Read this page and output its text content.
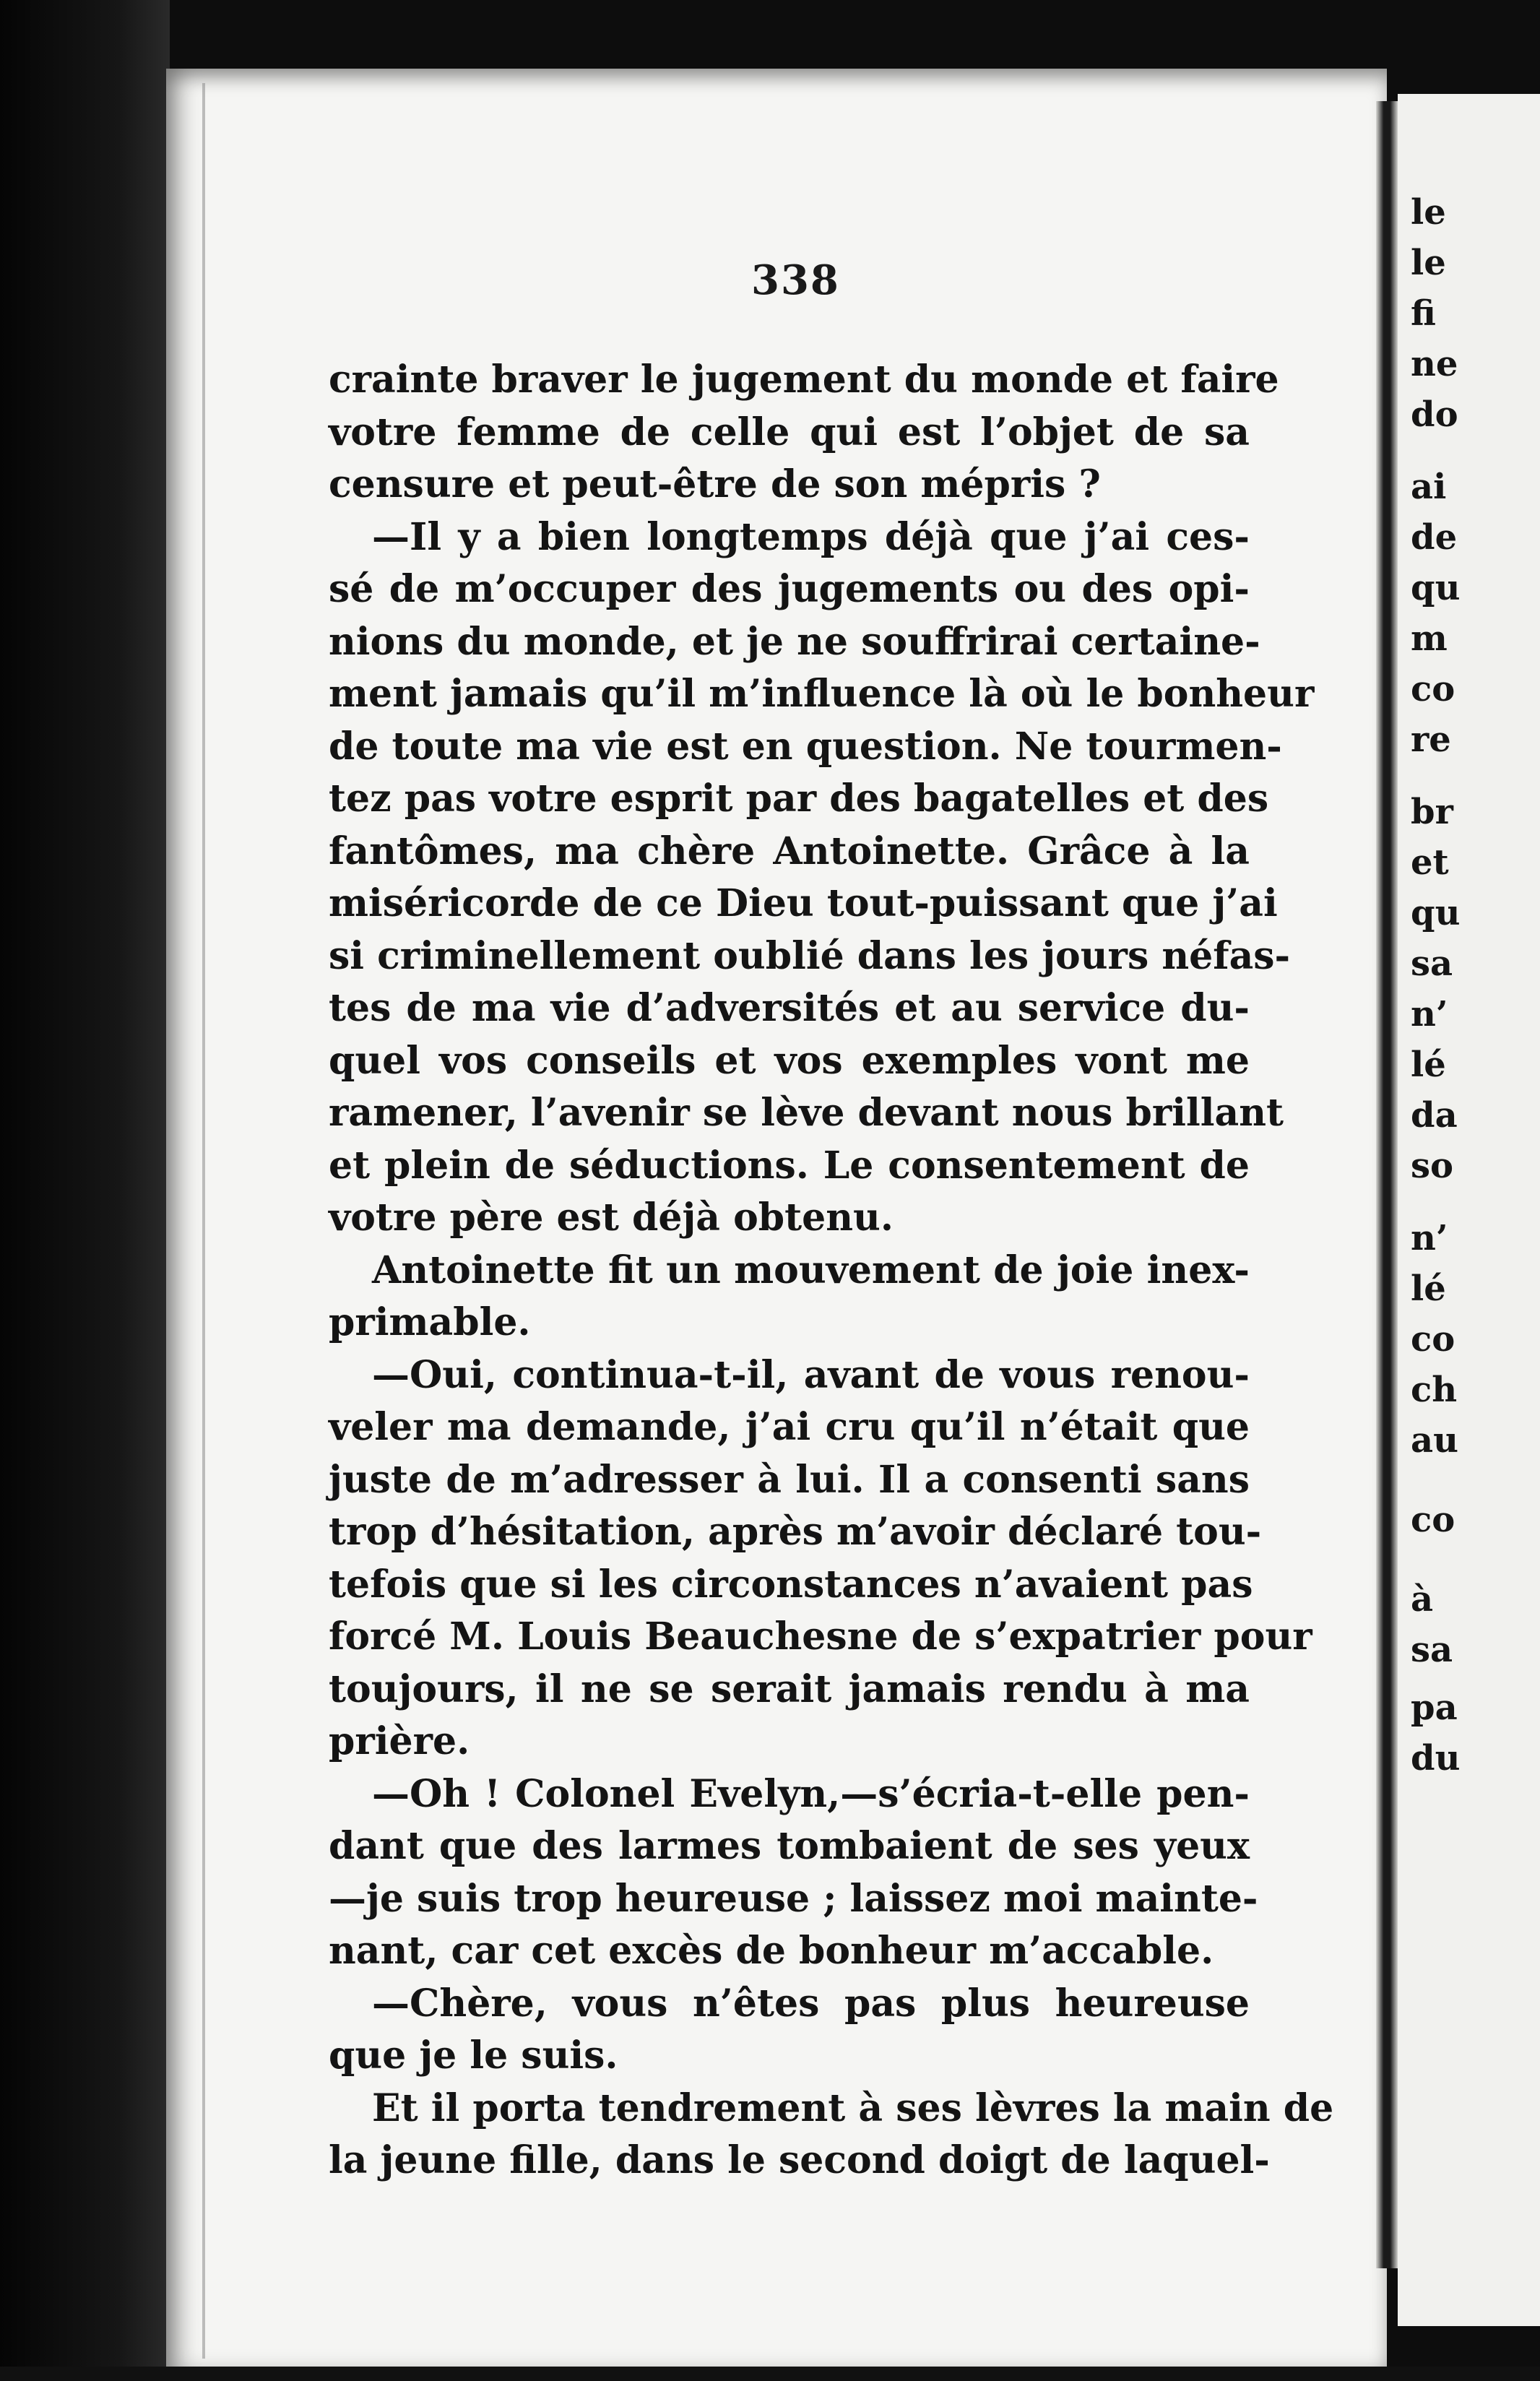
338
crainte braver le jugement du monde et faire
votre femme de celle qui est l’objet de sa
censure et peut-être de son mépris ?
—Il y a bien longtemps déjà que j’ai ces-
sé de m’occuper des jugements ou des opi-
nions du monde, et je ne souffrirai certaine-
ment jamais qu’il m’influence là où le bonheur
de toute ma vie est en question. Ne tourmen-
tez pas votre esprit par des bagatelles et des
fantômes, ma chère Antoinette. Grâce à la
miséricorde de ce Dieu tout-puissant que j’ai
si criminellement oublié dans les jours néfas-
tes de ma vie d’adversités et au service du-
quel vos conseils et vos exemples vont me
ramener, l’avenir se lève devant nous brillant
et plein de séductions. Le consentement de
votre père est déjà obtenu.
Antoinette fit un mouvement de joie inex-
primable.
—Oui, continua-t-il, avant de vous renou-
veler ma demande, j’ai cru qu’il n’était que
juste de m’adresser à lui. Il a consenti sans
trop d’hésitation, après m’avoir déclaré tou-
tefois que si les circonstances n’avaient pas
forcé M. Louis Beauchesne de s’expatrier pour
toujours, il ne se serait jamais rendu à ma
prière.
—Oh ! Colonel Evelyn,—s’écria-t-elle pen-
dant que des larmes tombaient de ses yeux
—je suis trop heureuse ; laissez moi mainte-
nant, car cet excès de bonheur m’accable.
—Chère, vous n’êtes pas plus heureuse
que je le suis.
Et il porta tendrement à ses lèvres la main de
la jeune fille, dans le second doigt de laquel-
le
le
fi
ne
do
ai
de
qu
m
co
re
br
et
qu
sa
n’
lé
da
so
n’
lé
co
ch
au
co
à
sa
pa
du
